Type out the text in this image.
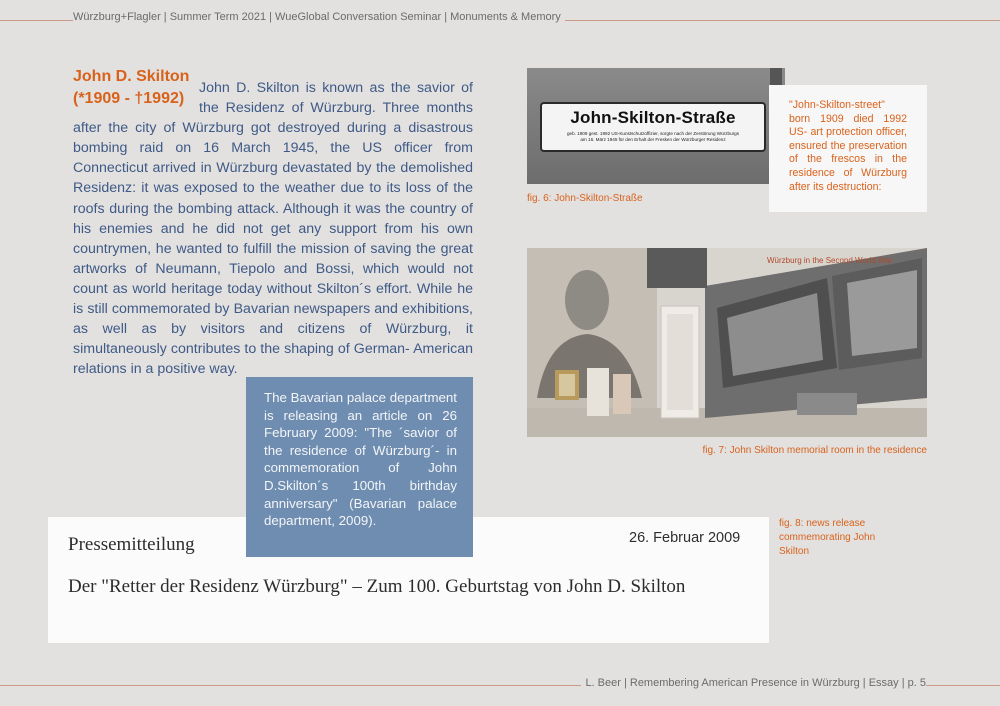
Würzburg+Flagler | Summer Term 2021 | WueGlobal Conversation Seminar | Monuments & Memory
John D. Skilton
(*1909 - †1992)
John D. Skilton is known as the savior of the Residenz of Würzburg. Three months after the city of Würzburg got destroyed during a disastrous bombing raid on 16 March 1945, the US officer from Connecticut arrived in Würzburg devastated by the demolished Residenz: it was exposed to the weather due to its loss of the roofs during the bombing attack. Although it was the country of his enemies and he did not get any support from his own countrymen, he wanted to fulfill the mission of saving the great artworks of Neumann, Tiepolo and Bossi, which would not count as world heritage today without Skilton´s effort. While he is still commemorated by Bavarian newspapers and exhibitions, as well as by visitors and citizens of Würzburg, it simultaneously contributes to the shaping of German- American relations in a positive way.
The Bavarian palace department is releasing an article on 26 February 2009: "The ´savior of the residence of Würzburg´- in commemoration of John D.Skilton´s 100th birthday anniversary" (Bavarian palace department, 2009).
John-Skilton-Straße
geb. 1909 gest. 1992 US-Kunstschutzoffizier, sorgte nach der Zerstörung Würzburgs
am 16. März 1945 für den Erhalt der Fresken der Würzburger Residenz
"John-Skilton-street" born 1909 died 1992 US- art protection officer, ensured the preservation of the frescos in the residence of Würzburg after its destruction:
fig. 6: John-Skilton-Straße
Würzburg in the Second World War
fig. 7: John Skilton memorial room in the residence
Pressemitteilung	26. Februar 2009
Der "Retter der Residenz Würzburg" – Zum 100. Geburtstag von John D. Skilton
fig. 8: news release commemorating John Skilton
L. Beer | Remembering American Presence in Würzburg | Essay | p. 5
